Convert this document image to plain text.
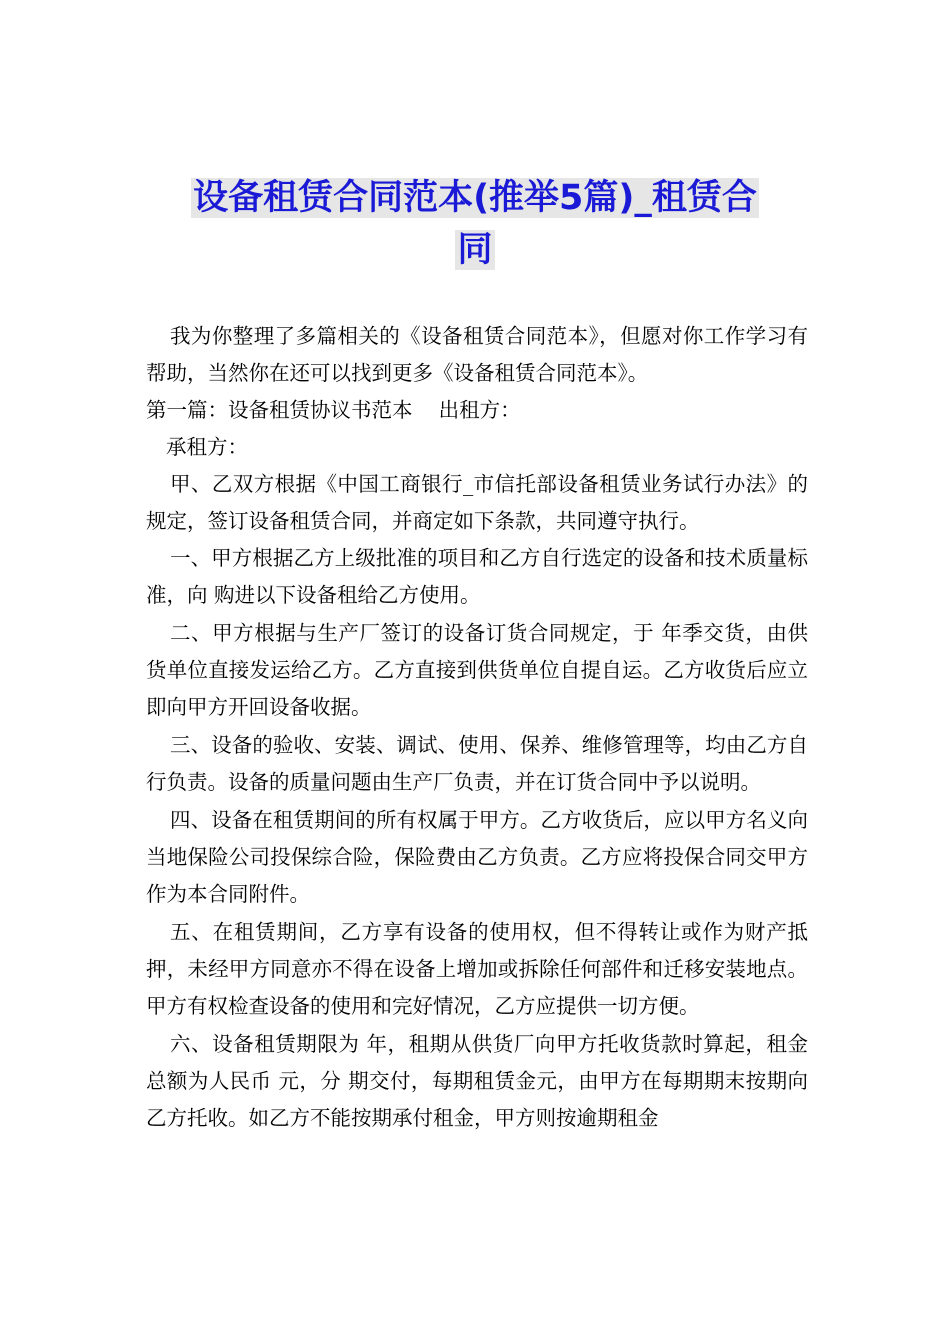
设备租赁合同范本(推举5篇)_租赁合
同

我为你整理了多篇相关的《设备租赁合同范本》，但愿对你工作学习有帮助，当然你在还可以找到更多《设备租赁合同范本》。

第一篇：设备租赁协议书范本    出租方：

承租方：

甲、乙双方根据《中国工商银行_市信托部设备租赁业务试行办法》的规定，签订设备租赁合同，并商定如下条款，共同遵守执行。

一、甲方根据乙方上级批准的项目和乙方自行选定的设备和技术质量标准，向 购进以下设备租给乙方使用。

二、甲方根据与生产厂签订的设备订货合同规定，于 年季交货，由供货单位直接发运给乙方。乙方直接到供货单位自提自运。乙方收货后应立即向甲方开回设备收据。

三、设备的验收、安装、调试、使用、保养、维修管理等，均由乙方自行负责。设备的质量问题由生产厂负责，并在订货合同中予以说明。

四、设备在租赁期间的所有权属于甲方。乙方收货后，应以甲方名义向当地保险公司投保综合险，保险费由乙方负责。乙方应将投保合同交甲方作为本合同附件。

五、在租赁期间，乙方享有设备的使用权，但不得转让或作为财产抵押，未经甲方同意亦不得在设备上增加或拆除任何部件和迁移安装地点。甲方有权检查设备的使用和完好情况，乙方应提供一切方便。

六、设备租赁期限为 年，租期从供货厂向甲方托收货款时算起，租金总额为人民币 元，分 期交付，每期租赁金元，由甲方在每期期末按期向乙方托收。如乙方不能按期承付租金，甲方则按逾期租金
